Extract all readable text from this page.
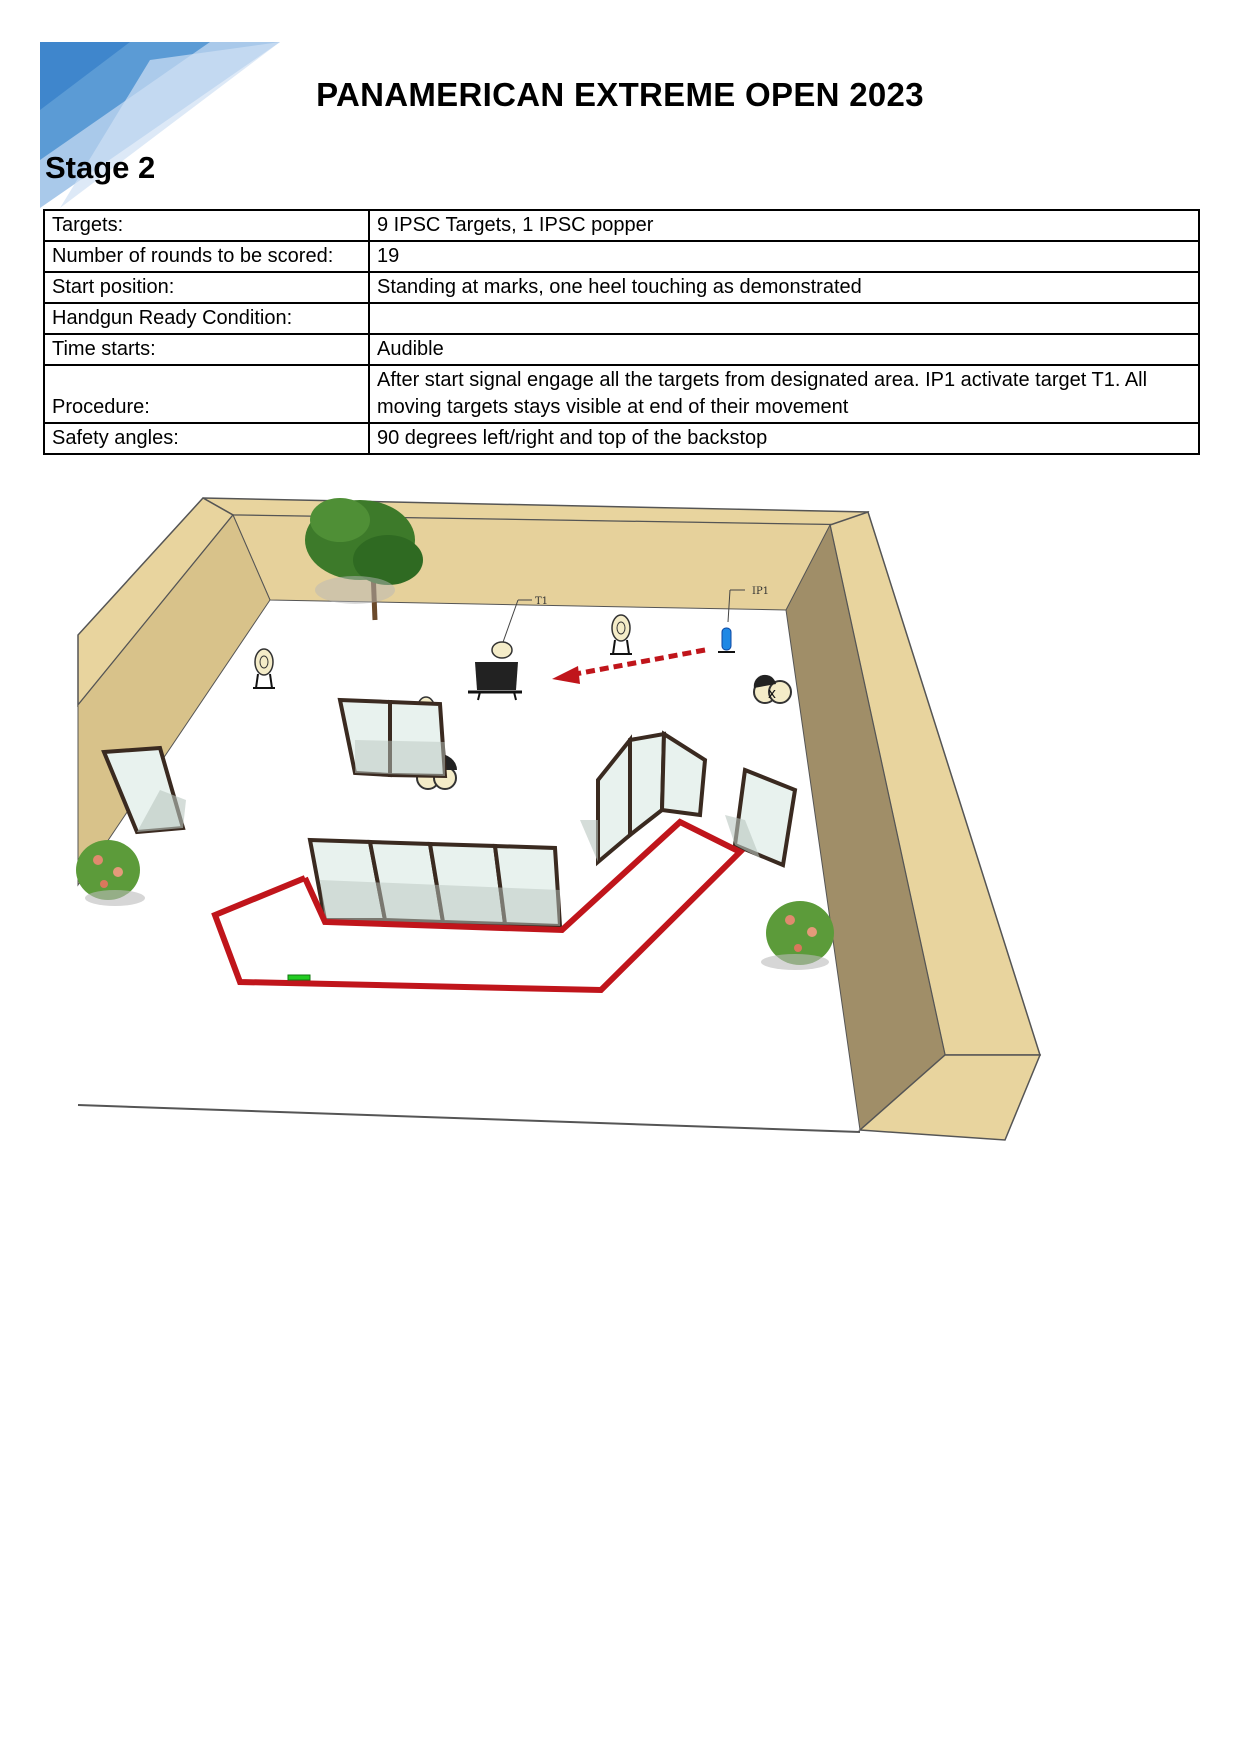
PANAMERICAN EXTREME OPEN 2023
Stage 2
Targets:	9 IPSC Targets, 1 IPSC popper
Number of rounds to be scored:	19
Start position:	Standing at marks, one heel touching as demonstrated
Handgun Ready Condition:	
Time starts:	Audible
Procedure:	After start signal engage all the targets from designated area. IP1 activate target T1. All
moving targets stays visible at end of their movement

Safety angles:	90 degrees left/right and top of the backstop
T1
IP1
x
